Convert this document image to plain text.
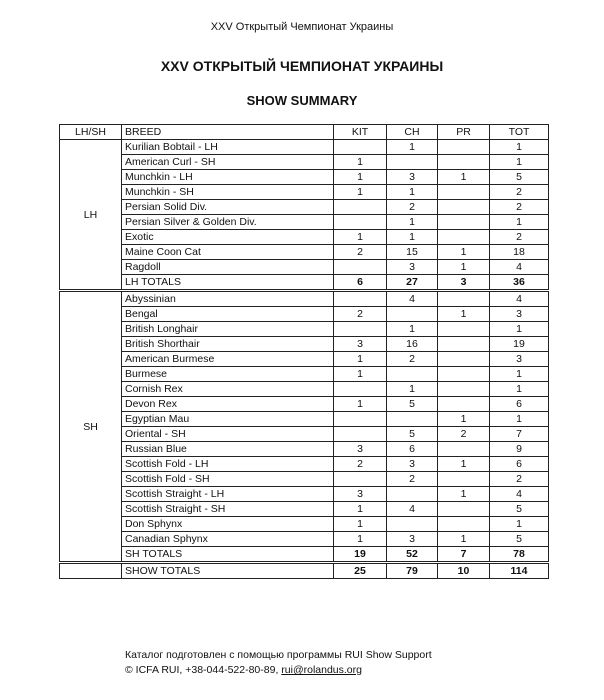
XXV Открытый Чемпионат Украины
XXV ОТКРЫТЫЙ ЧЕМПИОНАТ УКРАИНЫ
SHOW SUMMARY
LH/SH	BREED	KIT	CH	PR	TOT
LH	Kurilian Bobtail - LH		1		1
	American Curl - SH	1			1
	Munchkin - LH	1	3	1	5
	Munchkin - SH	1	1		2
	Persian Solid Div.		2		2
	Persian Silver & Golden Div.		1		1
	Exotic	1	1		2
	Maine Coon Cat	2	15	1	18
	Ragdoll		3	1	4
	LH TOTALS	6	27	3	36
SH	Abyssinian		4		4
	Bengal	2		1	3
	British Longhair		1		1
	British Shorthair	3	16		19
	American Burmese	1	2		3
	Burmese	1			1
	Cornish Rex		1		1
	Devon Rex	1	5		6
	Egyptian Mau			1	1
	Oriental - SH		5	2	7
	Russian Blue	3	6		9
	Scottish Fold - LH	2	3	1	6
	Scottish Fold - SH		2		2
	Scottish Straight - LH	3		1	4
	Scottish Straight - SH	1	4		5
	Don Sphynx	1			1
	Canadian Sphynx	1	3	1	5
	SH TOTALS	19	52	7	78
	SHOW TOTALS	25	79	10	114
Каталог подготовлен с помощью программы RUI Show Support
© ICFA RUI, +38-044-522-80-89, rui@rolandus.org
